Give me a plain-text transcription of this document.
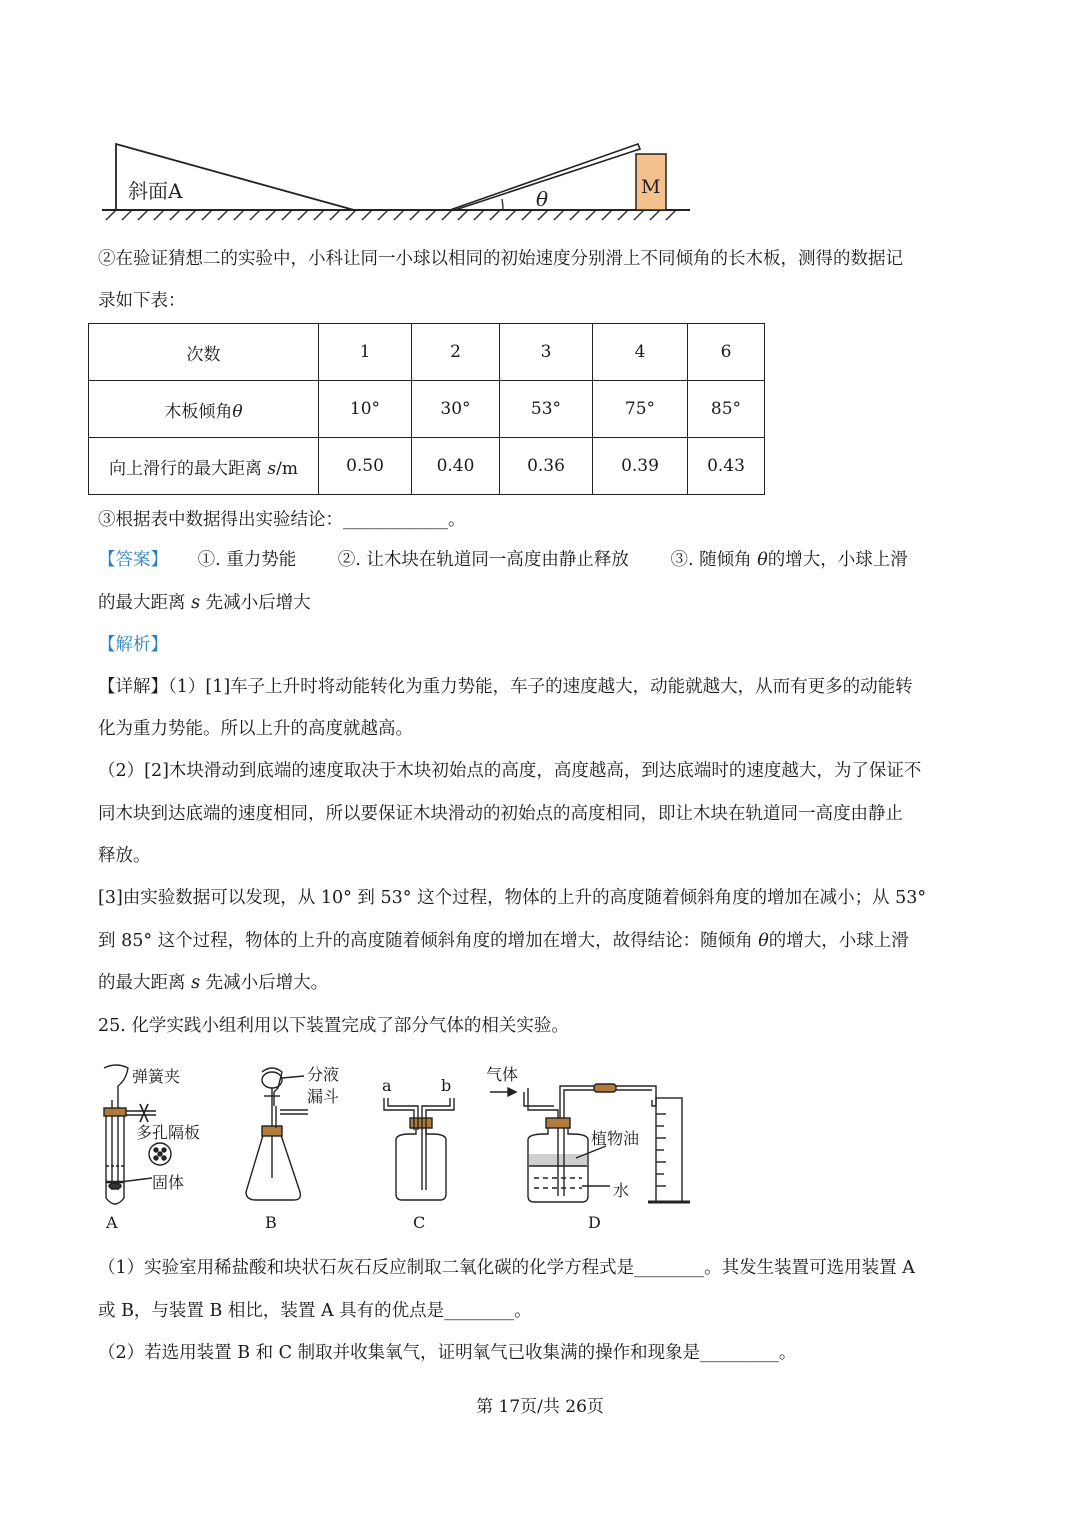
斜面A	θ	M
②在验证猜想二的实验中，小科让同一小球以相同的初始速度分别滑上不同倾角的长木板，测得的数据记
录如下表：
次数	1	2	3	4	6
木板倾角θ	10°	30°	53°	75°	85°
向上滑行的最大距离 s/m	0.50	0.40	0.36	0.39	0.43
③根据表中数据得出实验结论：____________。
【答案】 ①. 重力势能 ②. 让木块在轨道同一高度由静止释放 ③. 随倾角 θ的增大，小球上滑
的最大距离 s 先减小后增大
【解析】
【详解】（1）[1]车子上升时将动能转化为重力势能，车子的速度越大，动能就越大，从而有更多的动能转
化为重力势能。所以上升的高度就越高。
（2）[2]木块滑动到底端的速度取决于木块初始点的高度，高度越高，到达底端时的速度越大，为了保证不
同木块到达底端的速度相同，所以要保证木块滑动的初始点的高度相同，即让木块在轨道同一高度由静止
释放。
[3]由实验数据可以发现，从 10° 到 53° 这个过程，物体的上升的高度随着倾斜角度的增加在减小；从 53°
到 85° 这个过程，物体的上升的高度随着倾斜角度的增加在增大，故得结论：随倾角 θ的增大，小球上滑
的最大距离 s 先减小后增大。
25. 化学实践小组利用以下装置完成了部分气体的相关实验。
弹簧夹
多孔隔板
固体
分液
漏斗
a	b
气体
植物油
水
A	B	C	D
（1）实验室用稀盐酸和块状石灰石反应制取二氧化碳的化学方程式是________。其发生装置可选用装置 A
或 B，与装置 B 相比，装置 A 具有的优点是________。
（2）若选用装置 B 和 C 制取并收集氧气，证明氧气已收集满的操作和现象是_________。
第 17页/共 26页
